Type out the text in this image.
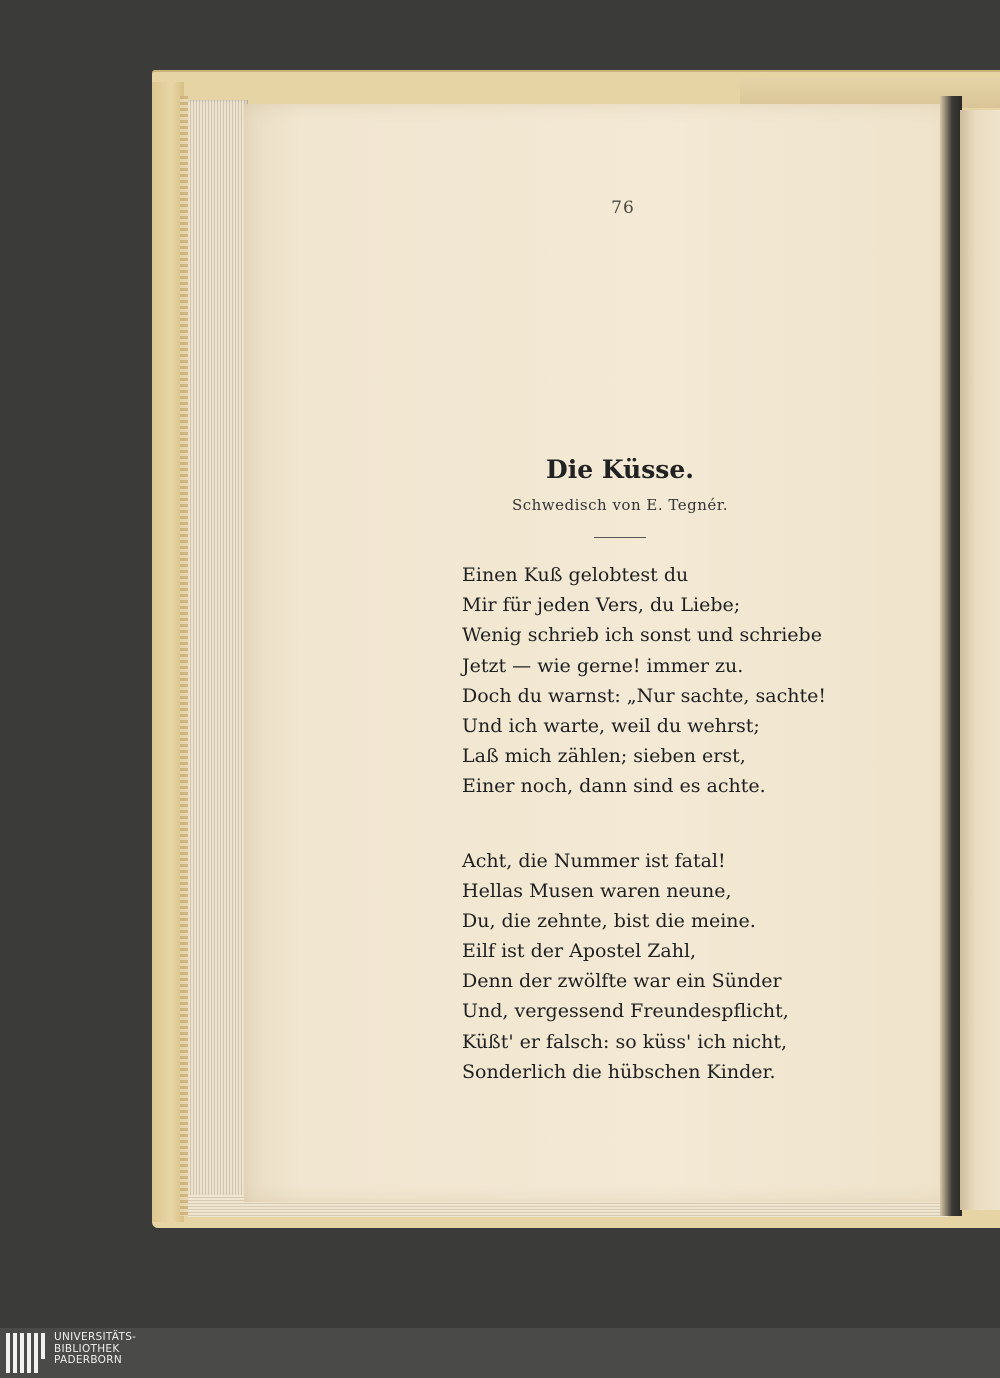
76
Die Küsse.
Schwedisch von E. Tegnér.
Einen Kuß gelobtest du
Mir für jeden Vers, du Liebe;
Wenig schrieb ich sonst und schriebe
Jetzt — wie gerne! immer zu.
Doch du warnst: „Nur sachte, sachte!
Und ich warte, weil du wehrst;
Laß mich zählen; sieben erst,
Einer noch, dann sind es achte.
Acht, die Nummer ist fatal!
Hellas Musen waren neune,
Du, die zehnte, bist die meine.
Eilf ist der Apostel Zahl,
Denn der zwölfte war ein Sünder
Und, vergessend Freundespflicht,
Küßt' er falsch: so küss' ich nicht,
Sonderlich die hübschen Kinder.
UNIVERSITÄTS-
BIBLIOTHEK
PADERBORN
